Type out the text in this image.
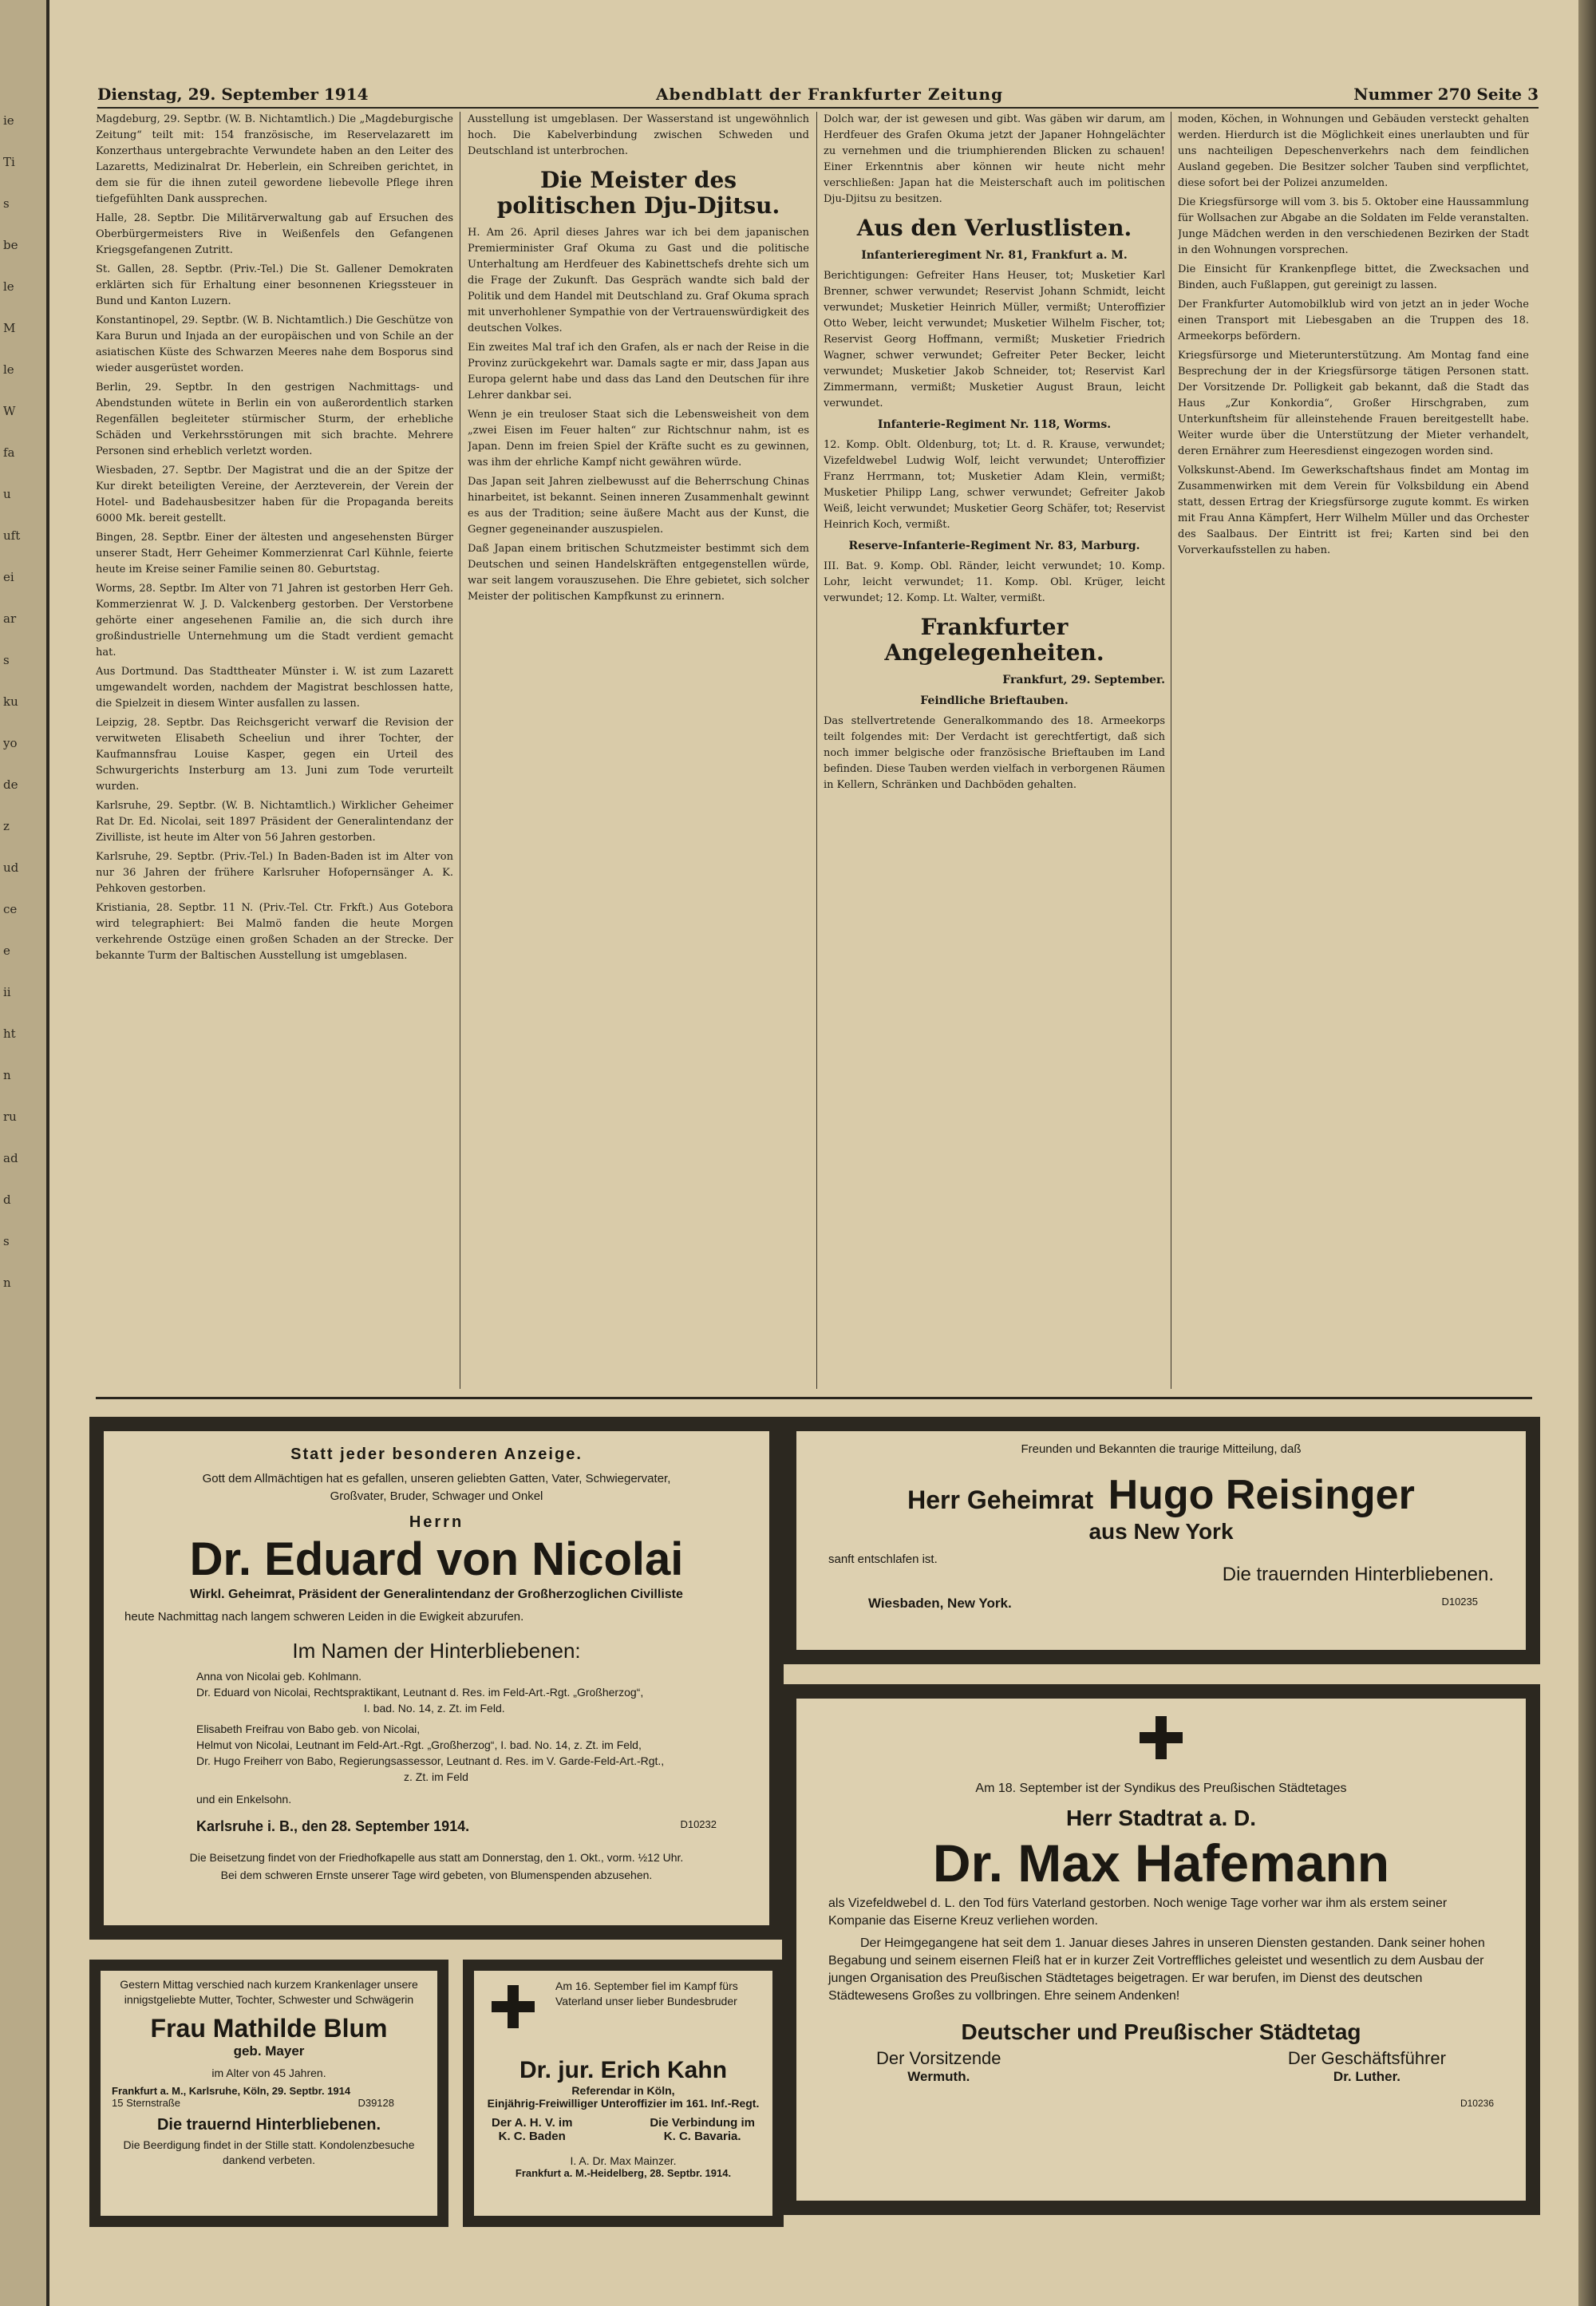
ie
Ti
s
be
le
M
le
W
fa
u
uft
ei
ar
s
ku
yo
de
z
ud
ce
e
ii
ht
n
ru
ad
d
s
n
Dienstag, 29. September 1914	Abendblatt der Frankfurter Zeitung	Nummer 270 Seite 3

Magdeburg, 29. Septbr. (W. B. Nichtamtlich.) Die „Magdeburgische Zeitung“ teilt mit: 154 französische, im Reservelazarett im Konzerthaus untergebrachte Verwundete haben an den Leiter des Lazaretts, Medizinalrat Dr. Heberlein, ein Schreiben gerichtet, in dem sie für die ihnen zuteil gewordene liebevolle Pflege ihren tiefgefühlten Dank aussprechen.

Halle, 28. Septbr. Die Militärverwaltung gab auf Ersuchen des Oberbürgermeisters Rive in Weißenfels den Gefangenen Kriegsgefangenen Zutritt.

St. Gallen, 28. Septbr. (Priv.-Tel.) Die St. Gallener Demokraten erklärten sich für Erhaltung einer besonnenen Kriegssteuer in Bund und Kanton Luzern.

Konstantinopel, 29. Septbr. (W. B. Nichtamtlich.) Die Geschütze von Kara Burun und Injada an der europäischen und von Schile an der asiatischen Küste des Schwarzen Meeres nahe dem Bosporus sind wieder ausgerüstet worden.

Berlin, 29. Septbr. In den gestrigen Nachmittags- und Abendstunden wütete in Berlin ein von außerordentlich starken Regenfällen begleiteter stürmischer Sturm, der erhebliche Schäden und Verkehrsstörungen mit sich brachte. Mehrere Personen sind erheblich verletzt worden.

Wiesbaden, 27. Septbr. Der Magistrat und die an der Spitze der Kur direkt beteiligten Vereine, der Aerzteverein, der Verein der Hotel- und Badehausbesitzer haben für die Propaganda bereits 6000 Mk. bereit gestellt.

Bingen, 28. Septbr. Einer der ältesten und angesehensten Bürger unserer Stadt, Herr Geheimer Kommerzienrat Carl Kühnle, feierte heute im Kreise seiner Familie seinen 80. Geburtstag.

Worms, 28. Septbr. Im Alter von 71 Jahren ist gestorben Herr Geh. Kommerzienrat W. J. D. Valckenberg gestorben. Der Verstorbene gehörte einer angesehenen Familie an, die sich durch ihre großindustrielle Unternehmung um die Stadt verdient gemacht hat.

Aus Dortmund. Das Stadttheater Münster i. W. ist zum Lazarett umgewandelt worden, nachdem der Magistrat beschlossen hatte, die Spielzeit in diesem Winter ausfallen zu lassen.

Leipzig, 28. Septbr. Das Reichsgericht verwarf die Revision der verwitweten Elisabeth Scheeliun und ihrer Tochter, der Kaufmannsfrau Louise Kasper, gegen ein Urteil des Schwurgerichts Insterburg am 13. Juni zum Tode verurteilt wurden.

Karlsruhe, 29. Septbr. (W. B. Nichtamtlich.) Wirklicher Geheimer Rat Dr. Ed. Nicolai, seit 1897 Präsident der Generalintendanz der Zivilliste, ist heute im Alter von 56 Jahren gestorben.

Karlsruhe, 29. Septbr. (Priv.-Tel.) In Baden-Baden ist im Alter von nur 36 Jahren der frühere Karlsruher Hofopernsänger A. K. Pehkoven gestorben.

Kristiania, 28. Septbr. 11 N. (Priv.-Tel. Ctr. Frkft.) Aus Gotebora wird telegraphiert: Bei Malmö fanden die heute Morgen verkehrende Ostzüge einen großen Schaden an der Strecke. Der bekannte Turm der Baltischen Ausstellung ist umgeblasen.

Ausstellung ist umgeblasen. Der Wasserstand ist ungewöhnlich hoch. Die Kabelverbindung zwischen Schweden und Deutschland ist unterbrochen.

Die Meister des politischen Dju-Djitsu.

H. Am 26. April dieses Jahres war ich bei dem japanischen Premierminister Graf Okuma zu Gast und die politische Unterhaltung am Herdfeuer des Kabinettschefs drehte sich um die Frage der Zukunft. Das Gespräch wandte sich bald der Politik und dem Handel mit Deutschland zu. Graf Okuma sprach mit unverhohlener Sympathie von der Vertrauenswürdigkeit des deutschen Volkes.

Ein zweites Mal traf ich den Grafen, als er nach der Reise in die Provinz zurückgekehrt war. Damals sagte er mir, dass Japan aus Europa gelernt habe und dass das Land den Deutschen für ihre Lehrer dankbar sei.

Wenn je ein treuloser Staat sich die Lebensweisheit von dem „zwei Eisen im Feuer halten“ zur Richtschnur nahm, ist es Japan. Denn im freien Spiel der Kräfte sucht es zu gewinnen, was ihm der ehrliche Kampf nicht gewähren würde.

Das Japan seit Jahren zielbewusst auf die Beherrschung Chinas hinarbeitet, ist bekannt. Seinen inneren Zusammenhalt gewinnt es aus der Tradition; seine äußere Macht aus der Kunst, die Gegner gegeneinander auszuspielen.

Daß Japan einem britischen Schutzmeister bestimmt sich dem Deutschen und seinen Handelskräften entgegenstellen würde, war seit langem vorauszusehen. Die Ehre gebietet, sich solcher Meister der politischen Kampfkunst zu erinnern.

Dolch war, der ist gewesen und gibt. Was gäben wir darum, am Herdfeuer des Grafen Okuma jetzt der Japaner Hohngelächter zu vernehmen und die triumphierenden Blicken zu schauen! Einer Erkenntnis aber können wir heute nicht mehr verschließen: Japan hat die Meisterschaft auch im politischen Dju-Djitsu zu besitzen.

Aus den Verlustlisten.
Infanterieregiment Nr. 81, Frankfurt a. M.

Berichtigungen: Gefreiter Hans Heuser, tot; Musketier Karl Brenner, schwer verwundet; Reservist Johann Schmidt, leicht verwundet; Musketier Heinrich Müller, vermißt; Unteroffizier Otto Weber, leicht verwundet; Musketier Wilhelm Fischer, tot; Reservist Georg Hoffmann, vermißt; Musketier Friedrich Wagner, schwer verwundet; Gefreiter Peter Becker, leicht verwundet; Musketier Jakob Schneider, tot; Reservist Karl Zimmermann, vermißt; Musketier August Braun, leicht verwundet.

Infanterie-Regiment Nr. 118, Worms.

12. Komp. Oblt. Oldenburg, tot; Lt. d. R. Krause, verwundet; Vizefeldwebel Ludwig Wolf, leicht verwundet; Unteroffizier Franz Herrmann, tot; Musketier Adam Klein, vermißt; Musketier Philipp Lang, schwer verwundet; Gefreiter Jakob Weiß, leicht verwundet; Musketier Georg Schäfer, tot; Reservist Heinrich Koch, vermißt.

Reserve-Infanterie-Regiment Nr. 83, Marburg.

III. Bat. 9. Komp. Obl. Ränder, leicht verwundet; 10. Komp. Lohr, leicht verwundet; 11. Komp. Obl. Krüger, leicht verwundet; 12. Komp. Lt. Walter, vermißt.

Frankfurter Angelegenheiten.
Frankfurt, 29. September.
Feindliche Brieftauben.

Das stellvertretende Generalkommando des 18. Armeekorps teilt folgendes mit: Der Verdacht ist gerechtfertigt, daß sich noch immer belgische oder französische Brieftauben im Land befinden. Diese Tauben werden vielfach in verborgenen Räumen in Kellern, Schränken und Dachböden gehalten.

moden, Köchen, in Wohnungen und Gebäuden versteckt gehalten werden. Hierdurch ist die Möglichkeit eines unerlaubten und für uns nachteiligen Depeschenverkehrs nach dem feindlichen Ausland gegeben. Die Besitzer solcher Tauben sind verpflichtet, diese sofort bei der Polizei anzumelden.

Die Kriegsfürsorge will vom 3. bis 5. Oktober eine Haussammlung für Wollsachen zur Abgabe an die Soldaten im Felde veranstalten. Junge Mädchen werden in den verschiedenen Bezirken der Stadt in den Wohnungen vorsprechen.

Die Einsicht für Krankenpflege bittet, die Zwecksachen und Binden, auch Fußlappen, gut gereinigt zu lassen.

Der Frankfurter Automobilklub wird von jetzt an in jeder Woche einen Transport mit Liebesgaben an die Truppen des 18. Armeekorps befördern.

Kriegsfürsorge und Mieterunterstützung. Am Montag fand eine Besprechung der in der Kriegsfürsorge tätigen Personen statt. Der Vorsitzende Dr. Polligkeit gab bekannt, daß die Stadt das Haus „Zur Konkordia“, Großer Hirschgraben, zum Unterkunftsheim für alleinstehende Frauen bereitgestellt habe. Weiter wurde über die Unterstützung der Mieter verhandelt, deren Ernährer zum Heeresdienst eingezogen worden sind.

Volkskunst-Abend. Im Gewerkschaftshaus findet am Montag im Zusammenwirken mit dem Verein für Volksbildung ein Abend statt, dessen Ertrag der Kriegsfürsorge zugute kommt. Es wirken mit Frau Anna Kämpfert, Herr Wilhelm Müller und das Orchester des Saalbaus. Der Eintritt ist frei; Karten sind bei den Vorverkaufsstellen zu haben.

Statt jeder besonderen Anzeige.
Gott dem Allmächtigen hat es gefallen, unseren geliebten Gatten, Vater, Schwiegervater,
Großvater, Bruder, Schwager und Onkel
Herrn
Dr. Eduard von Nicolai
Wirkl. Geheimrat, Präsident der Generalintendanz der Großherzoglichen Civilliste
heute Nachmittag nach langem schweren Leiden in die Ewigkeit abzurufen.
Im Namen der Hinterbliebenen:
Anna von Nicolai geb. Kohlmann.
Dr. Eduard von Nicolai, Rechtspraktikant, Leutnant d. Res. im Feld-Art.-Rgt. „Großherzog“,
I. bad. No. 14, z. Zt. im Feld.
Elisabeth Freifrau von Babo geb. von Nicolai,
Helmut von Nicolai, Leutnant im Feld-Art.-Rgt. „Großherzog“, I. bad. No. 14, z. Zt. im Feld,
Dr. Hugo Freiherr von Babo, Regierungsassessor, Leutnant d. Res. im V. Garde-Feld-Art.-Rgt.,
z. Zt. im Feld
und ein Enkelsohn.
Karlsruhe i. B., den 28. September 1914.	D10232
Die Beisetzung findet von der Friedhofkapelle aus statt am Donnerstag, den 1. Okt., vorm. ½12 Uhr.
Bei dem schweren Ernste unserer Tage wird gebeten, von Blumenspenden abzusehen.
Freunden und Bekannten die traurige Mitteilung, daß
Herr Geheimrat Hugo Reisinger
aus New York
sanft entschlafen ist.
Die trauernden Hinterbliebenen.
Wiesbaden, New York.	D10235
Am 18. September ist der Syndikus des Preußischen Städtetages
Herr Stadtrat a. D.
Dr. Max Hafemann
als Vizefeldwebel d. L. den Tod fürs Vaterland gestorben. Noch wenige Tage vorher war ihm als erstem seiner Kompanie das Eiserne Kreuz verliehen worden.
Der Heimgegangene hat seit dem 1. Januar dieses Jahres in unseren Diensten gestanden. Dank seiner hohen Begabung und seinem eisernen Fleiß hat er in kurzer Zeit Vortreffliches geleistet und wesentlich zu dem Ausbau der jungen Organisation des Preußischen Städtetages beigetragen. Er war berufen, im Dienst des deutschen Städtewesens Großes zu vollbringen. Ehre seinem Andenken!
Deutscher und Preußischer Städtetag
Der Vorsitzende
Wermuth.
Der Geschäftsführer
Dr. Luther.
D10236
Gestern Mittag verschied nach kurzem Krankenlager unsere innigstgeliebte Mutter, Tochter, Schwester und Schwägerin
Frau Mathilde Blum
geb. Mayer
im Alter von 45 Jahren.
Frankfurt a. M., Karlsruhe, Köln, 29. Septbr. 1914
15 Sternstraße	D39128
Die trauernd Hinterbliebenen.
Die Beerdigung findet in der Stille statt. Kondolenzbesuche dankend verbeten.
Am 16. September fiel im Kampf fürs Vaterland unser lieber Bundesbruder
Dr. jur. Erich Kahn
Referendar in Köln,
Einjährig-Freiwilliger Unteroffizier im 161. Inf.-Regt.
Der A. H. V. im
K. C. Baden
Die Verbindung im
K. C. Bavaria.
I. A. Dr. Max Mainzer.
Frankfurt a. M.-Heidelberg, 28. Septbr. 1914.
